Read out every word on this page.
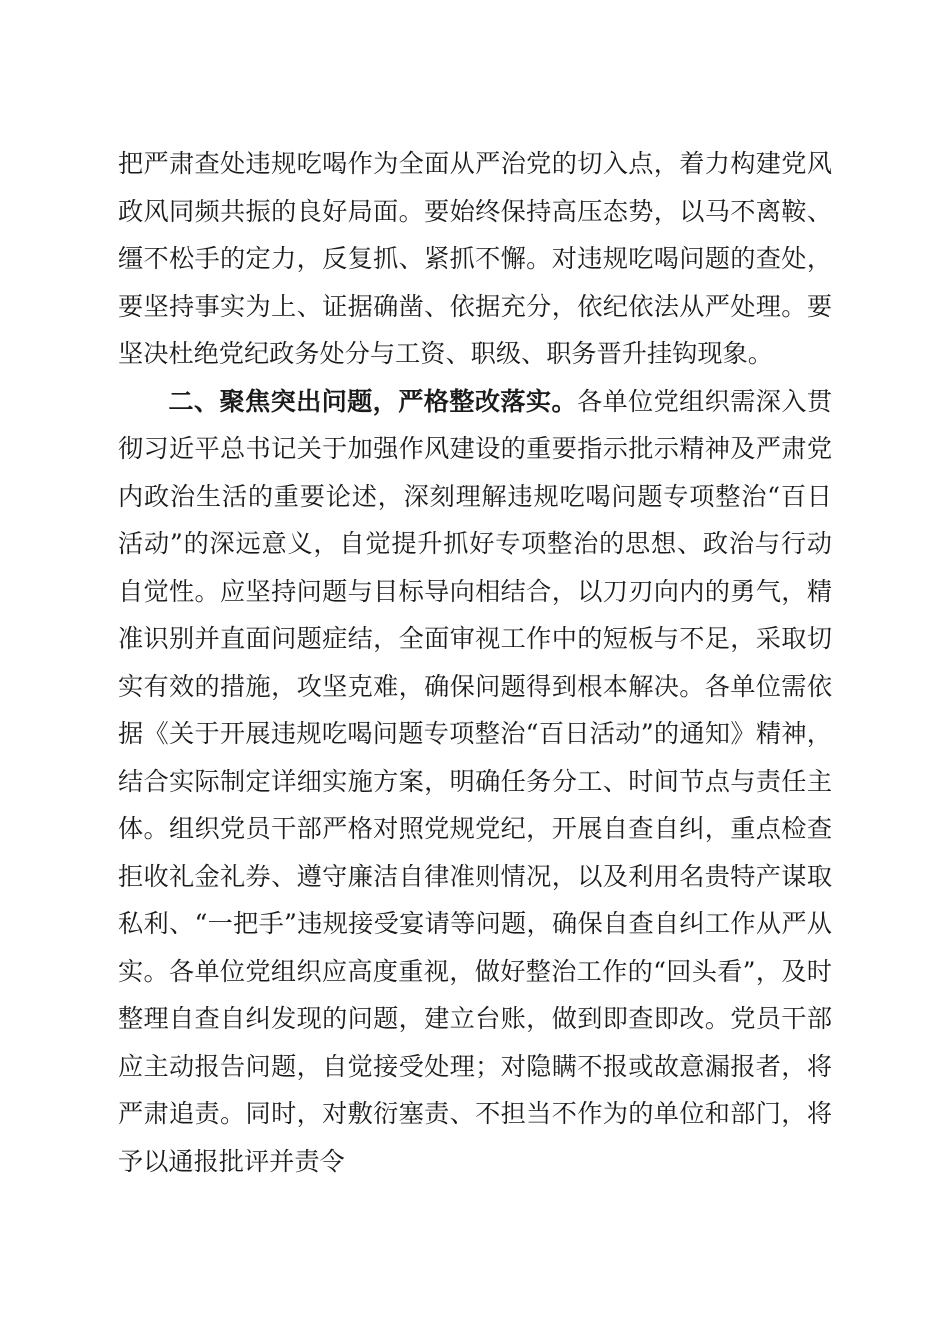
把严肃查处违规吃喝作为全面从严治党的切入点，着力构建党风政风同频共振的良好局面。要始终保持高压态势，以马不离鞍、缰不松手的定力，反复抓、紧抓不懈。对违规吃喝问题的查处，要坚持事实为上、证据确凿、依据充分，依纪依法从严处理。要坚决杜绝党纪政务处分与工资、职级、职务晋升挂钩现象。

二、聚焦突出问题，严格整改落实。各单位党组织需深入贯彻习近平总书记关于加强作风建设的重要指示批示精神及严肃党内政治生活的重要论述，深刻理解违规吃喝问题专项整治“百日活动”的深远意义，自觉提升抓好专项整治的思想、政治与行动自觉性。应坚持问题与目标导向相结合，以刀刃向内的勇气，精准识别并直面问题症结，全面审视工作中的短板与不足，采取切实有效的措施，攻坚克难，确保问题得到根本解决。各单位需依据《关于开展违规吃喝问题专项整治“百日活动”的通知》精神，结合实际制定详细实施方案，明确任务分工、时间节点与责任主体。组织党员干部严格对照党规党纪，开展自查自纠，重点检查拒收礼金礼券、遵守廉洁自律准则情况，以及利用名贵特产谋取私利、“一把手”违规接受宴请等问题，确保自查自纠工作从严从实。各单位党组织应高度重视，做好整治工作的“回头看”，及时整理自查自纠发现的问题，建立台账，做到即查即改。党员干部应主动报告问题，自觉接受处理；对隐瞒不报或故意漏报者，将严肃追责。同时，对敷衍塞责、不担当不作为的单位和部门，将予以通报批评并责令
